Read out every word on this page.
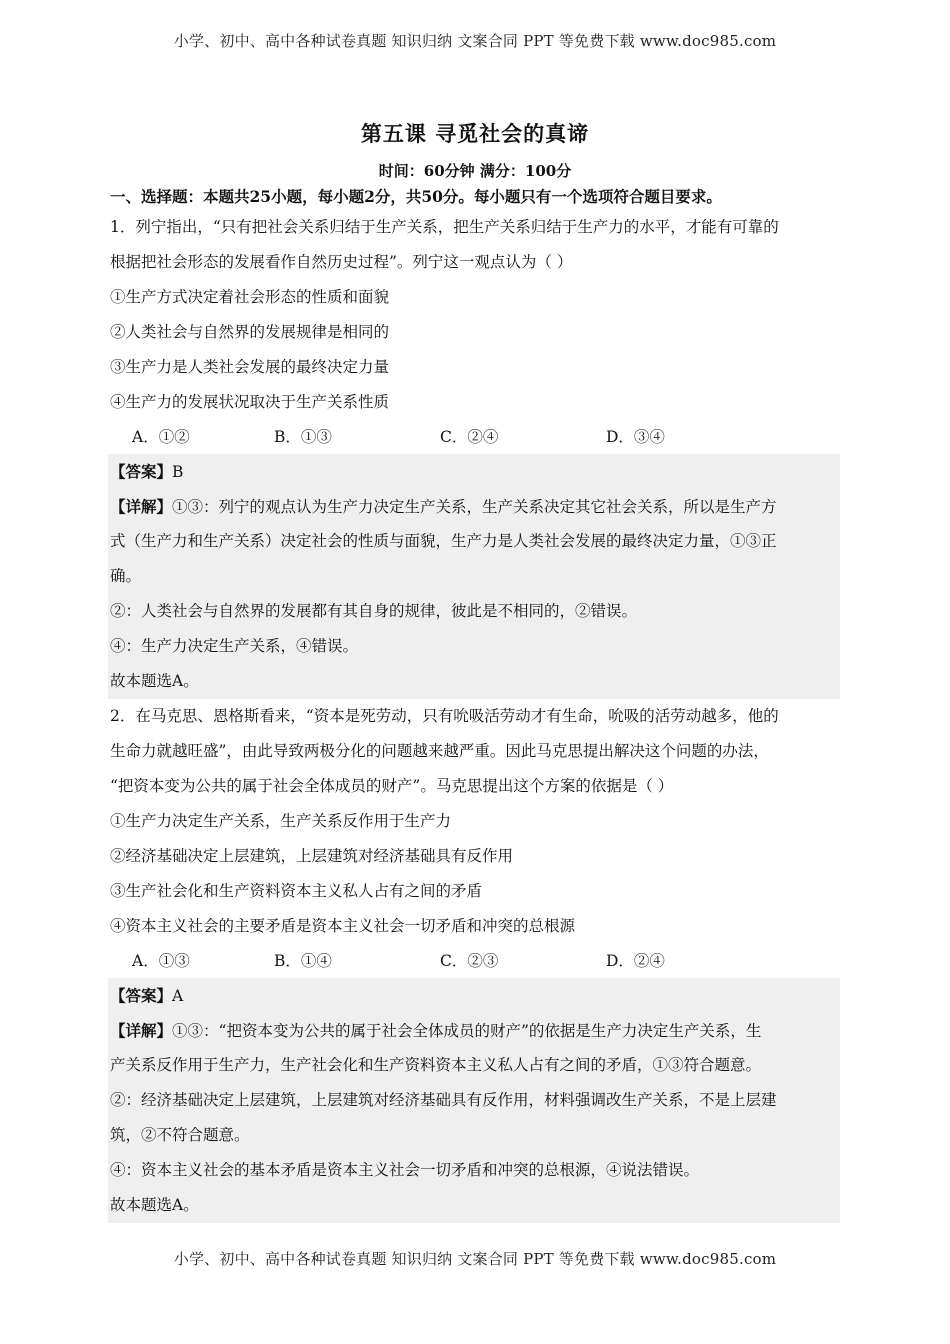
小学、初中、高中各种试卷真题 知识归纳 文案合同 PPT 等免费下载 www.doc985.com
第五课 寻觅社会的真谛
时间：60分钟 满分：100分
一、选择题：本题共25小题，每小题2分，共50分。每小题只有一个选项符合题目要求。
1．列宁指出，“只有把社会关系归结于生产关系，把生产关系归结于生产力的水平，才能有可靠的
根据把社会形态的发展看作自然历史过程”。列宁这一观点认为（ ）
①生产方式决定着社会形态的性质和面貌
②人类社会与自然界的发展规律是相同的
③生产力是人类社会发展的最终决定力量
④生产力的发展状况取决于生产关系性质
A．①②	B．①③	C．②④	D．③④
【答案】B
【详解】①③：列宁的观点认为生产力决定生产关系，生产关系决定其它社会关系，所以是生产方
式（生产力和生产关系）决定社会的性质与面貌，生产力是人类社会发展的最终决定力量，①③正
确。
②：人类社会与自然界的发展都有其自身的规律，彼此是不相同的，②错误。
④：生产力决定生产关系，④错误。
故本题选A。
2．在马克思、恩格斯看来，“资本是死劳动，只有吮吸活劳动才有生命，吮吸的活劳动越多，他的
生命力就越旺盛”，由此导致两极分化的问题越来越严重。因此马克思提出解决这个问题的办法，
“把资本变为公共的属于社会全体成员的财产”。马克思提出这个方案的依据是（ ）
①生产力决定生产关系，生产关系反作用于生产力
②经济基础决定上层建筑，上层建筑对经济基础具有反作用
③生产社会化和生产资料资本主义私人占有之间的矛盾
④资本主义社会的主要矛盾是资本主义社会一切矛盾和冲突的总根源
A．①③	B．①④	C．②③	D．②④
【答案】A
【详解】①③：“把资本变为公共的属于社会全体成员的财产”的依据是生产力决定生产关系，生
产关系反作用于生产力，生产社会化和生产资料资本主义私人占有之间的矛盾，①③符合题意。
②：经济基础决定上层建筑，上层建筑对经济基础具有反作用，材料强调改生产关系，不是上层建
筑，②不符合题意。
④：资本主义社会的基本矛盾是资本主义社会一切矛盾和冲突的总根源，④说法错误。
故本题选A。
小学、初中、高中各种试卷真题 知识归纳 文案合同 PPT 等免费下载 www.doc985.com
